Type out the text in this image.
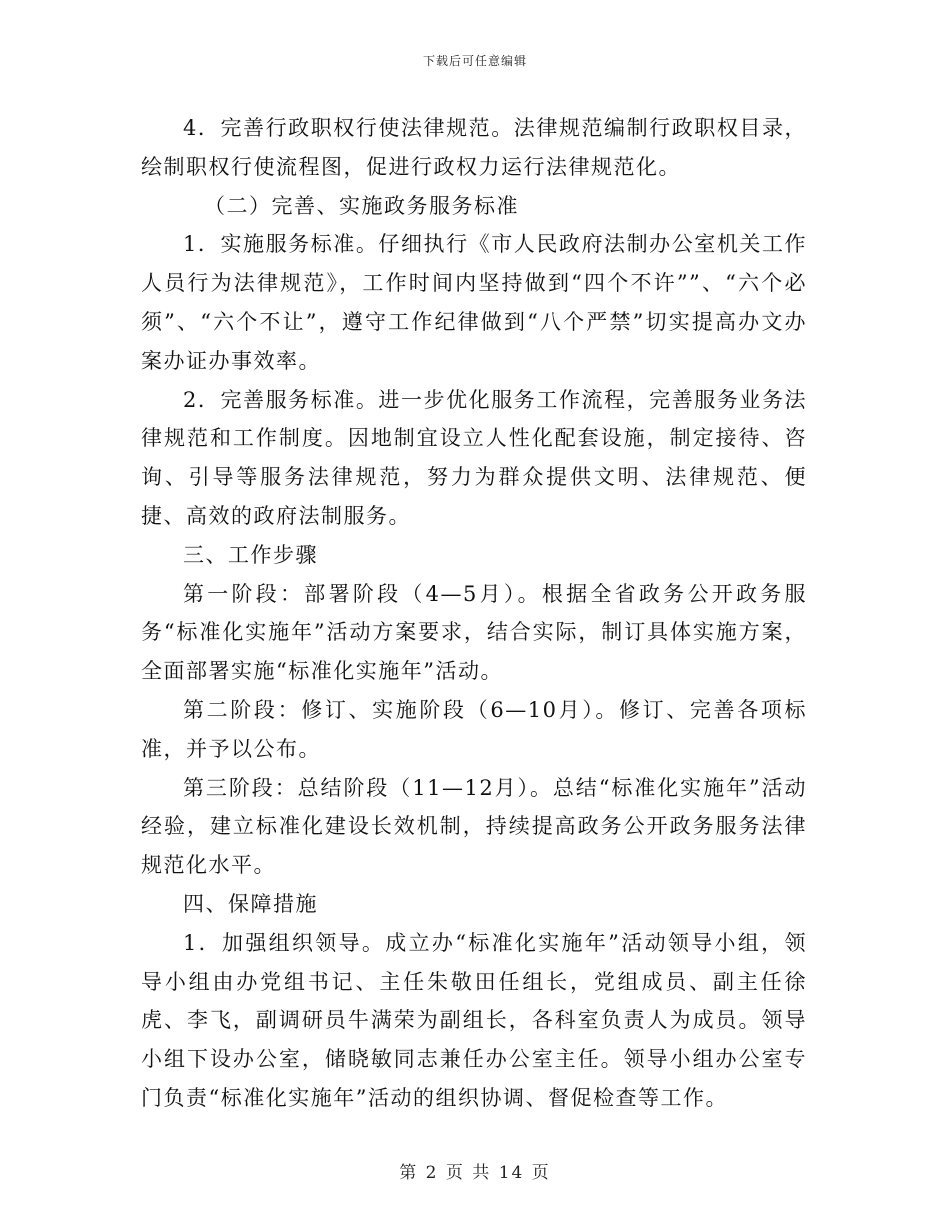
下载后可任意编辑

4．完善行政职权行使法律规范。法律规范编制行政职权目录，绘制职权行使流程图，促进行政权力运行法律规范化。

（二）完善、实施政务服务标准

1．实施服务标准。仔细执行《市人民政府法制办公室机关工作人员行为法律规范》，工作时间内坚持做到“四个不许””、“六个必须”、“六个不让”，遵守工作纪律做到“八个严禁”切实提高办文办案办证办事效率。

2．完善服务标准。进一步优化服务工作流程，完善服务业务法律规范和工作制度。因地制宜设立人性化配套设施，制定接待、咨询、引导等服务法律规范，努力为群众提供文明、法律规范、便捷、高效的政府法制服务。

三、工作步骤

第一阶段：部署阶段（4—5月）。根据全省政务公开政务服务“标准化实施年”活动方案要求，结合实际，制订具体实施方案，全面部署实施“标准化实施年”活动。

第二阶段：修订、实施阶段（6—10月）。修订、完善各项标准，并予以公布。

第三阶段：总结阶段（11—12月）。总结“标准化实施年”活动经验，建立标准化建设长效机制，持续提高政务公开政务服务法律规范化水平。

四、保障措施

1．加强组织领导。成立办“标准化实施年”活动领导小组，领导小组由办党组书记、主任朱敬田任组长，党组成员、副主任徐虎、李飞，副调研员牛满荣为副组长，各科室负责人为成员。领导小组下设办公室，储晓敏同志兼任办公室主任。领导小组办公室专门负责“标准化实施年”活动的组织协调、督促检查等工作。

第 2 页 共 14 页
